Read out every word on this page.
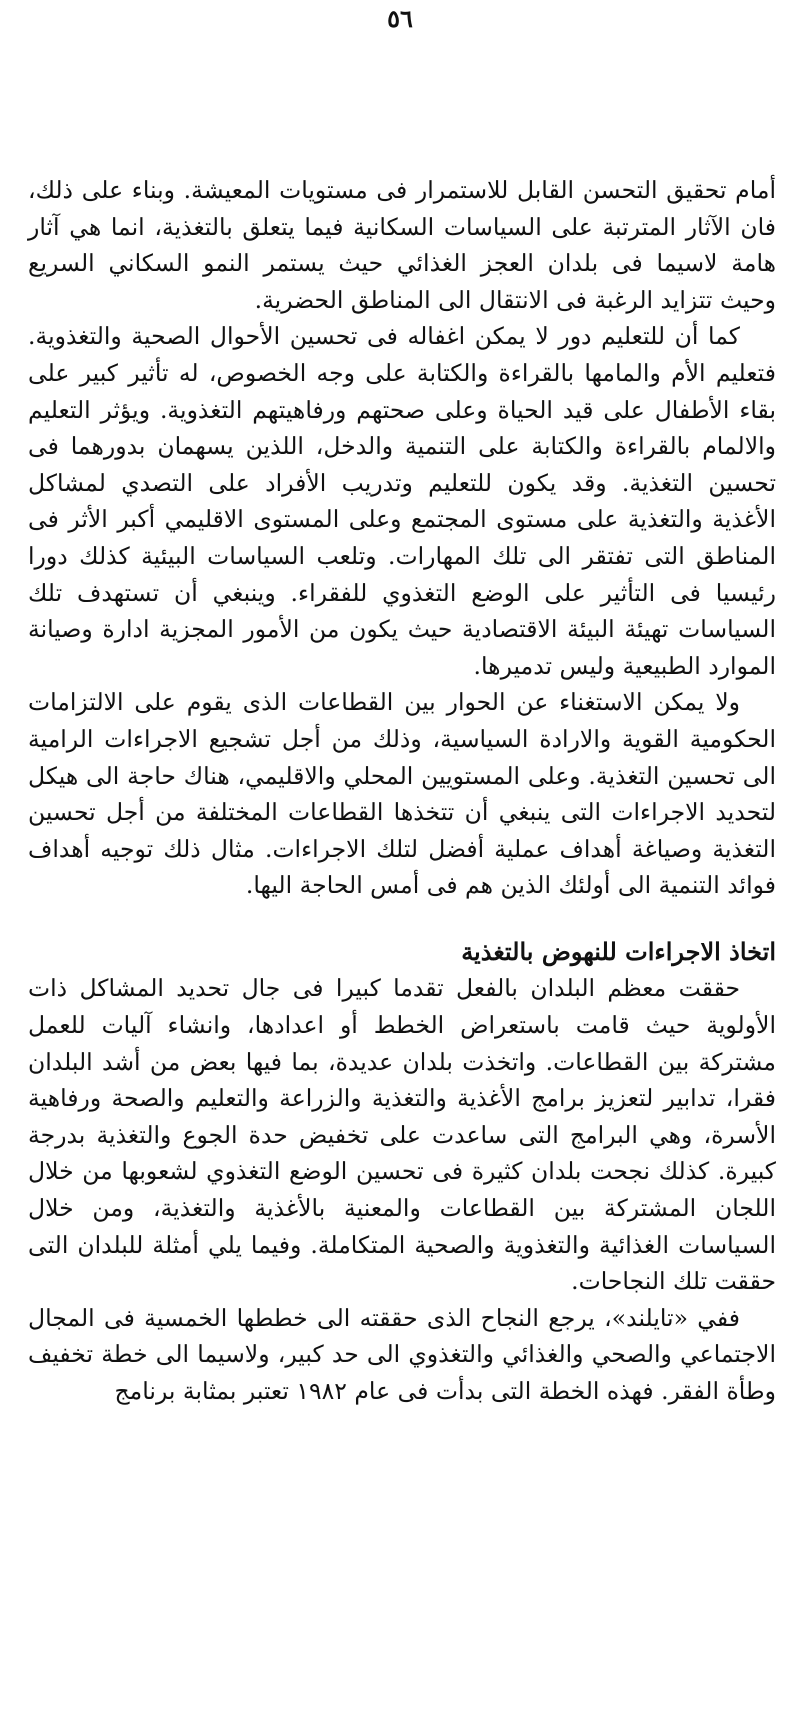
٥٦

أمام تحقيق التحسن القابل للاستمرار فى مستويات المعيشة. وبناء على ذلك، فان الآثار المترتبة على السياسات السكانية فيما يتعلق بالتغذية، انما هي آثار هامة لاسيما فى بلدان العجز الغذائي حيث يستمر النمو السكاني السريع وحيث تتزايد الرغبة فى الانتقال الى المناطق الحضرية.

كما أن للتعليم دور لا يمكن اغفاله فى تحسين الأحوال الصحية والتغذوية. فتعليم الأم والمامها بالقراءة والكتابة على وجه الخصوص، له تأثير كبير على بقاء الأطفال على قيد الحياة وعلى صحتهم ورفاهيتهم التغذوية. ويؤثر التعليم والالمام بالقراءة والكتابة على التنمية والدخل، اللذين يسهمان بدورهما فى تحسين التغذية. وقد يكون للتعليم وتدريب الأفراد على التصدي لمشاكل الأغذية والتغذية على مستوى المجتمع وعلى المستوى الاقليمي أكبر الأثر فى المناطق التى تفتقر الى تلك المهارات. وتلعب السياسات البيئية كذلك دورا رئيسيا فى التأثير على الوضع التغذوي للفقراء. وينبغي أن تستهدف تلك السياسات تهيئة البيئة الاقتصادية حيث يكون من الأمور المجزية ادارة وصيانة الموارد الطبيعية وليس تدميرها.

ولا يمكن الاستغناء عن الحوار بين القطاعات الذى يقوم على الالتزامات الحكومية القوية والارادة السياسية، وذلك من أجل تشجيع الاجراءات الرامية الى تحسين التغذية. وعلى المستويين المحلي والاقليمي، هناك حاجة الى هيكل لتحديد الاجراءات التى ينبغي أن تتخذها القطاعات المختلفة من أجل تحسين التغذية وصياغة أهداف عملية أفضل لتلك الاجراءات. مثال ذلك توجيه أهداف فوائد التنمية الى أولئك الذين هم فى أمس الحاجة اليها.

اتخاذ الاجراءات للنهوض بالتغذية

حققت معظم البلدان بالفعل تقدما كبيرا فى جال تحديد المشاكل ذات الأولوية حيث قامت باستعراض الخطط أو اعدادها، وانشاء آليات للعمل مشتركة بين القطاعات. واتخذت بلدان عديدة، بما فيها بعض من أشد البلدان فقرا، تدابير لتعزيز برامج الأغذية والتغذية والزراعة والتعليم والصحة ورفاهية الأسرة، وهي البرامج التى ساعدت على تخفيض حدة الجوع والتغذية بدرجة كبيرة. كذلك نجحت بلدان كثيرة فى تحسين الوضع التغذوي لشعوبها من خلال اللجان المشتركة بين القطاعات والمعنية بالأغذية والتغذية، ومن خلال السياسات الغذائية والتغذوية والصحية المتكاملة. وفيما يلي أمثلة للبلدان التى حققت تلك النجاحات.

ففي «تايلند»، يرجع النجاح الذى حققته الى خططها الخمسية فى المجال الاجتماعي والصحي والغذائي والتغذوي الى حد كبير، ولاسيما الى خطة تخفيف وطأة الفقر. فهذه الخطة التى بدأت فى عام ١٩٨٢ تعتبر بمثابة برنامج
